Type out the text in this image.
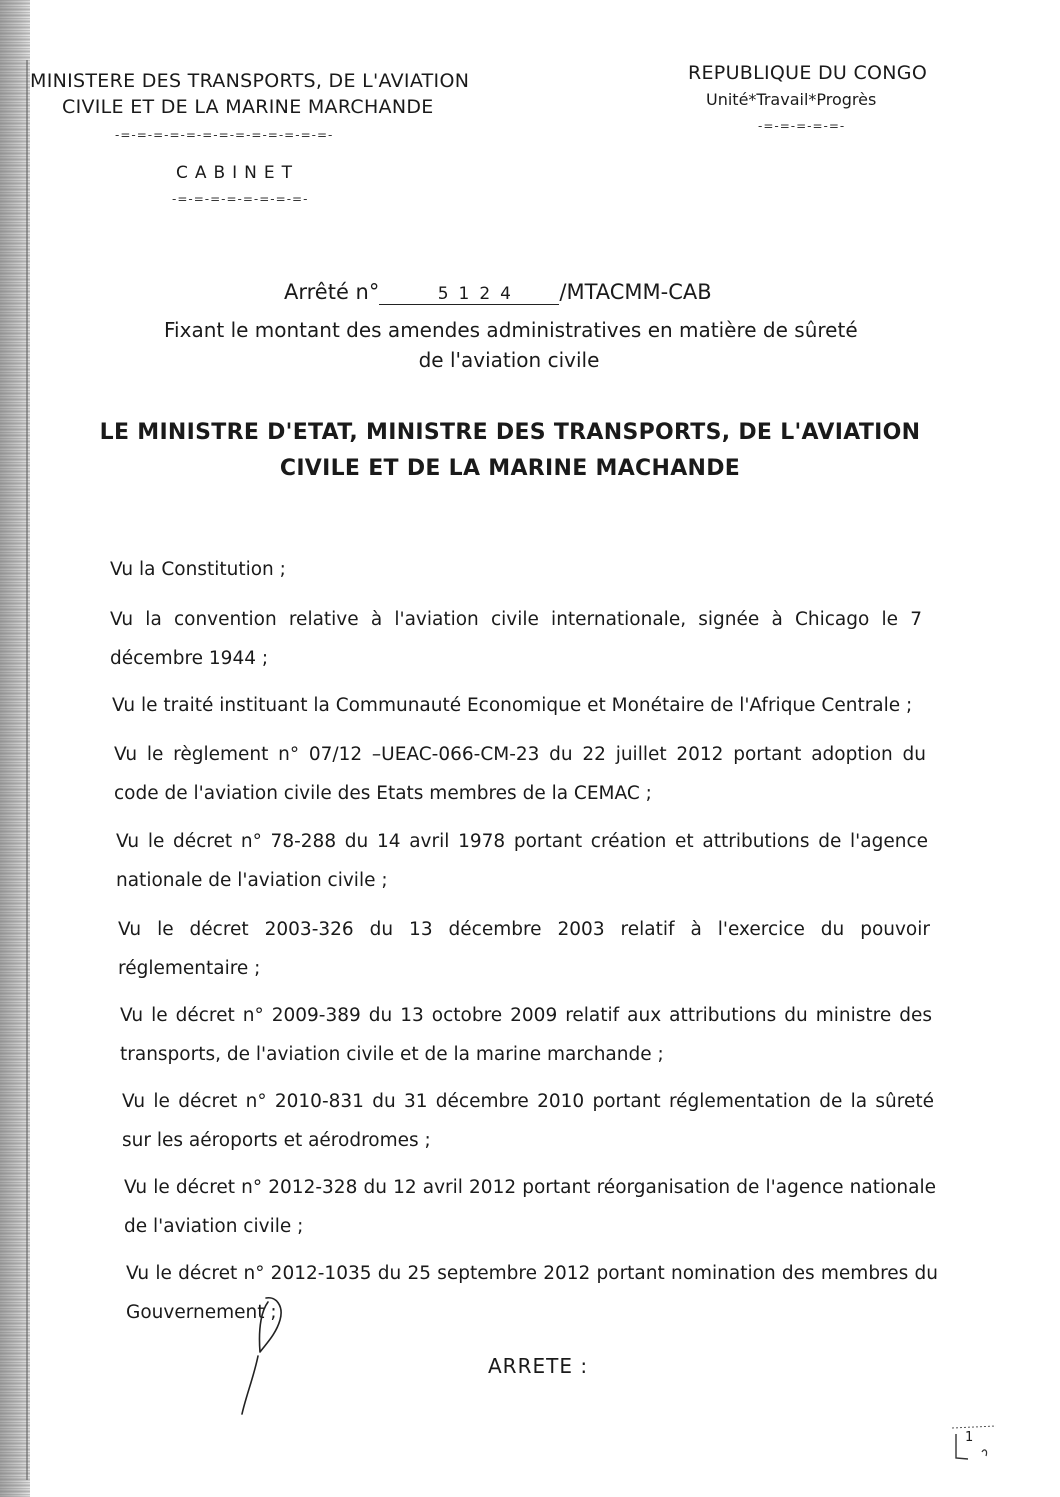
MINISTERE DES TRANSPORTS, DE L'AVIATION
CIVILE ET DE LA MARINE MARCHANDE
-=-=-=-=-=-=-=-=-=-=-=-=-=-
CABINET
-=-=-=-=-=-=-=-=-
REPUBLIQUE DU CONGO
Unité*Travail*Progrès
-=-=-=-=-=-
Arrêté n°	5124 /MTACMM-CAB
Fixant le montant des amendes administratives en matière de sûreté
de l'aviation civile
LE MINISTRE D'ETAT, MINISTRE DES TRANSPORTS, DE L'AVIATION
CIVILE ET DE LA MARINE MACHANDE
Vu la Constitution ;
Vu la convention relative à l'aviation civile internationale, signée à Chicago le 7 décembre 1944 ;
Vu le traité instituant la Communauté Economique et Monétaire de l'Afrique Centrale ;
Vu le règlement n° 07/12 –UEAC-066-CM-23 du 22 juillet 2012 portant adoption du code de l'aviation civile des Etats membres de la CEMAC ;
Vu le décret n° 78-288 du 14 avril 1978 portant création et attributions de l'agence nationale de l'aviation civile ;
Vu le décret 2003-326 du 13 décembre 2003 relatif à l'exercice du pouvoir réglementaire ;
Vu le décret n° 2009-389 du 13 octobre 2009 relatif aux attributions du ministre des transports, de l'aviation civile et de la marine marchande ;
Vu le décret n° 2010-831 du 31 décembre 2010 portant réglementation de la sûreté sur les aéroports et aérodromes ;
Vu le décret n° 2012-328 du 12 avril 2012 portant réorganisation de l'agence nationale de l'aviation civile ;
Vu le décret n° 2012-1035 du 25 septembre 2012 portant nomination des membres du Gouvernement ;
ARRETE :
1
